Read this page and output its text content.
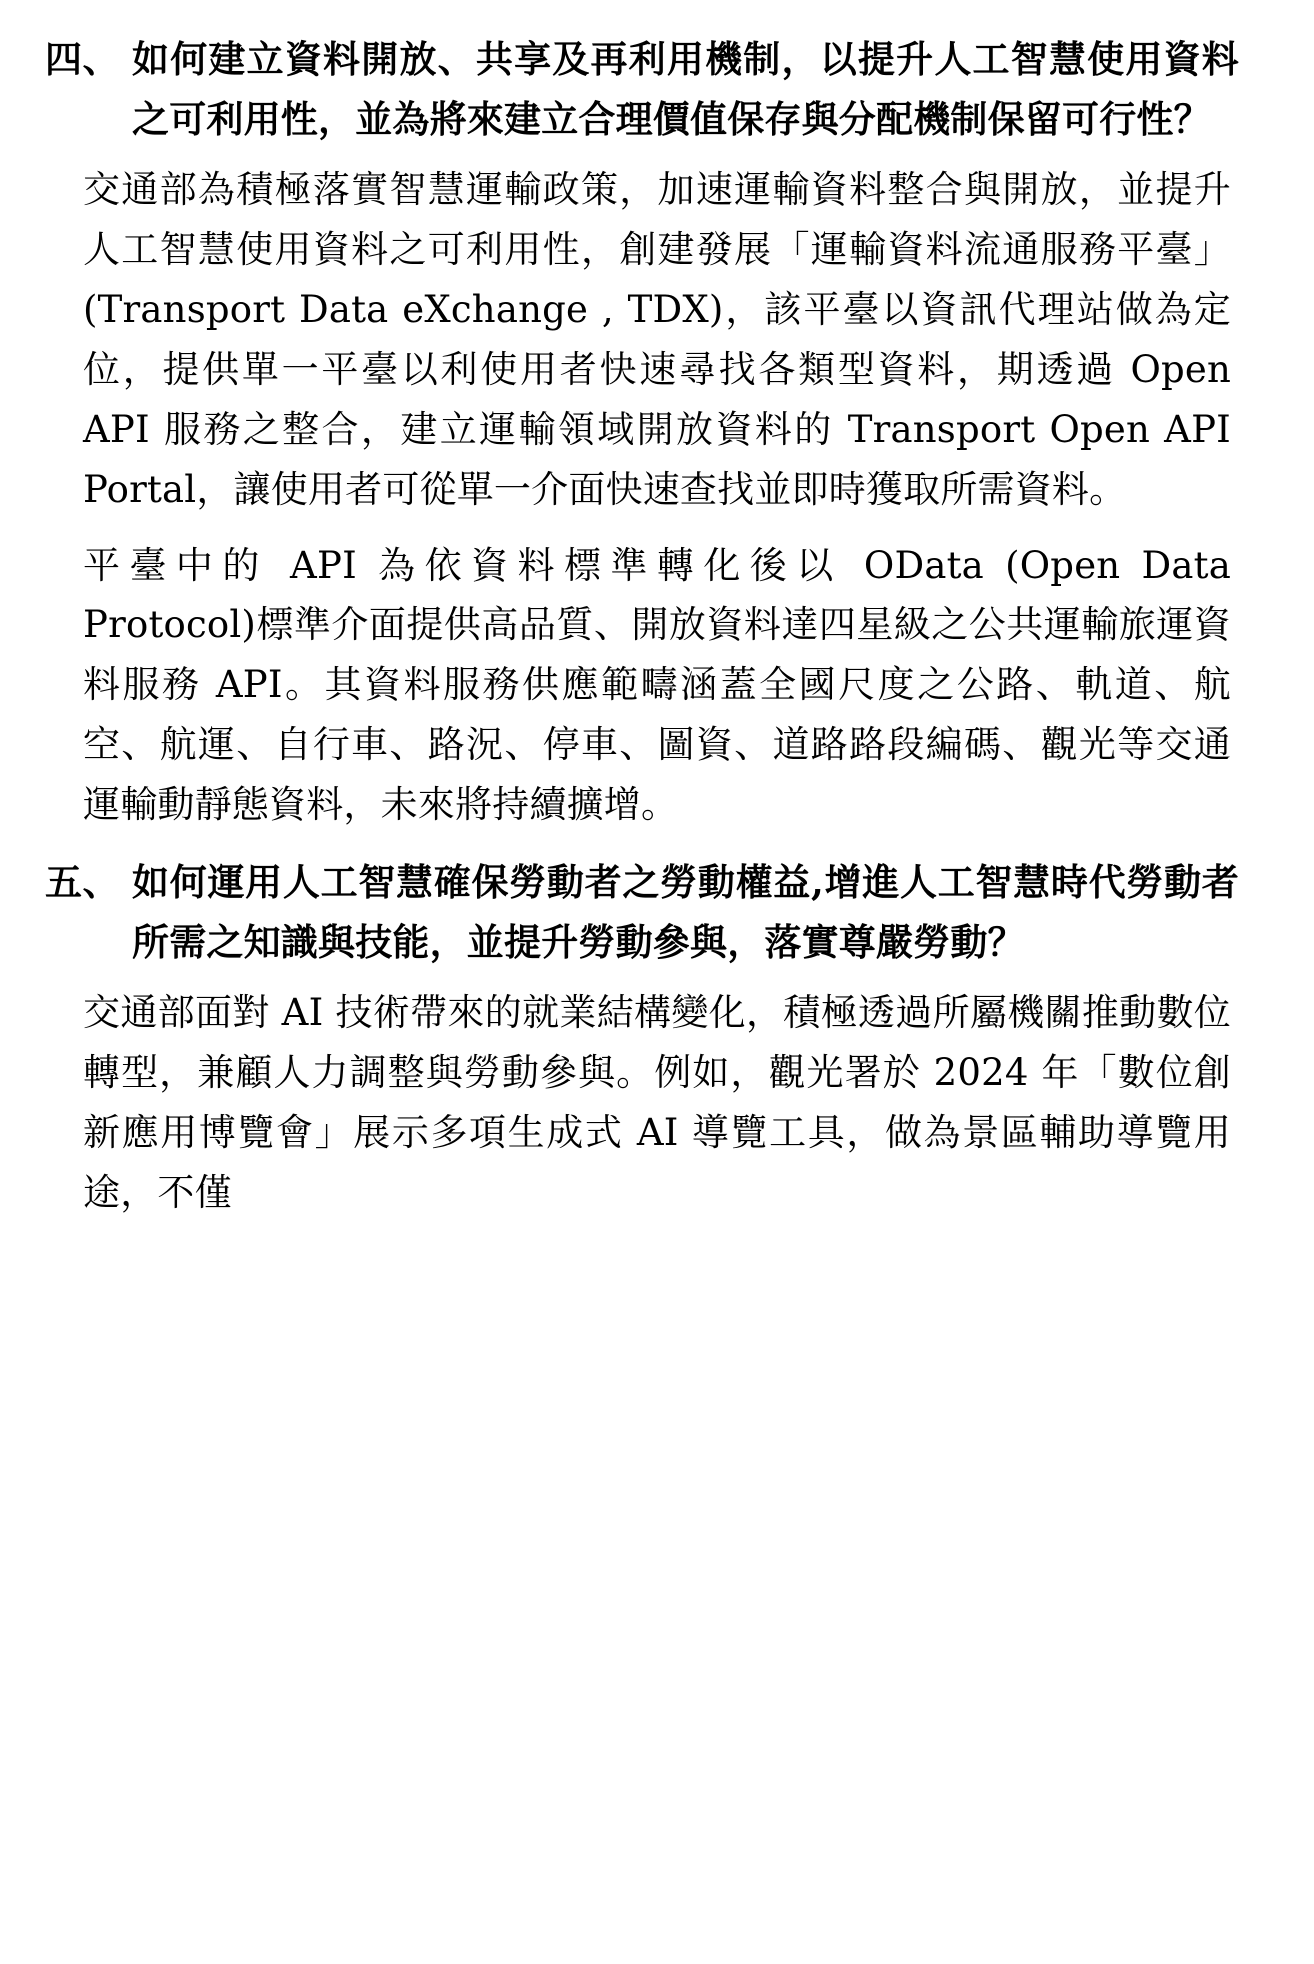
四、 如何建立資料開放、共享及再利用機制，以提升人工智慧使用資料之可利用性，並為將來建立合理價值保存與分配機制保留可行性？

交通部為積極落實智慧運輸政策，加速運輸資料整合與開放，並提升人工智慧使用資料之可利用性，創建發展「運輸資料流通服務平臺」(Transport Data eXchange , TDX)，該平臺以資訊代理站做為定位，提供單一平臺以利使用者快速尋找各類型資料，期透過 Open API 服務之整合，建立運輸領域開放資料的 Transport Open API Portal，讓使用者可從單一介面快速查找並即時獲取所需資料。

平臺中的 API 為依資料標準轉化後以 OData (Open Data Protocol)標準介面提供高品質、開放資料達四星級之公共運輸旅運資料服務 API。其資料服務供應範疇涵蓋全國尺度之公路、軌道、航空、航運、自行車、路況、停車、圖資、道路路段編碼、觀光等交通運輸動靜態資料，未來將持續擴增。

五、 如何運用人工智慧確保勞動者之勞動權益,增進人工智慧時代勞動者所需之知識與技能，並提升勞動參與，落實尊嚴勞動？

交通部面對 AI 技術帶來的就業結構變化，積極透過所屬機關推動數位轉型，兼顧人力調整與勞動參與。例如，觀光署於 2024 年「數位創新應用博覽會」展示多項生成式 AI 導覽工具，做為景區輔助導覽用途，不僅
